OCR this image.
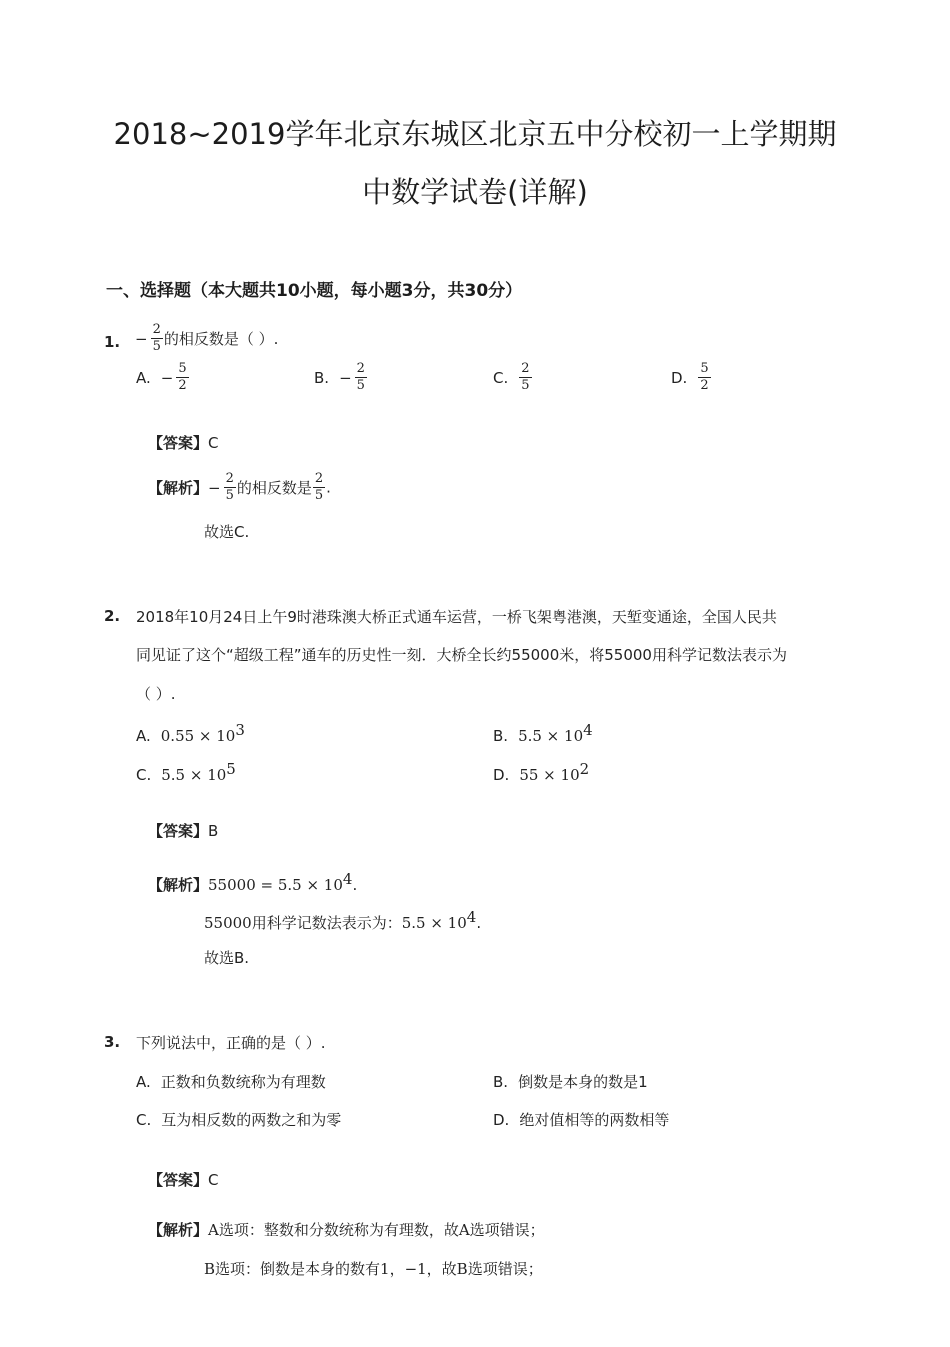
2018~2019学年北京东城区北京五中分校初一上学期期
中数学试卷(详解)
一、选择题（本大题共10小题，每小题3分，共30分）
1. − $\frac{2}{5}$ 的相反数是（ ）.
A. − $\frac{5}{2}$	B. − $\frac{2}{5}$	C. $\frac{2}{5}$	D. $\frac{5}{2}$
【答案】C
【解析】− $\frac{2}{5}$ 的相反数是 $\frac{2}{5}$ .
故选C.
2. 2018年10月24日上午9时港珠澳大桥正式通车运营，一桥飞架粤港澳，天堑变通途，全国人民共
同见证了这个“超级工程”通车的历史性一刻．大桥全长约55000米，将55000用科学记数法表示为
（ ）.
A. $0.55 \times 10^3$	B. $5.5 \times 10^4$
C. $5.5 \times 10^5$	D. $55 \times 10^2$
【答案】B
【解析】$55000 = 5.5 \times 10^4$.
55000用科学记数法表示为：$5.5 \times 10^4$.
故选B.
3. 下列说法中，正确的是（ ）.
A. 正数和负数统称为有理数	B. 倒数是本身的数是1
C. 互为相反数的两数之和为零	D. 绝对值相等的两数相等
【答案】C
【解析】A选项：整数和分数统称为有理数，故A选项错误；
B选项：倒数是本身的数有1，−1，故B选项错误；
